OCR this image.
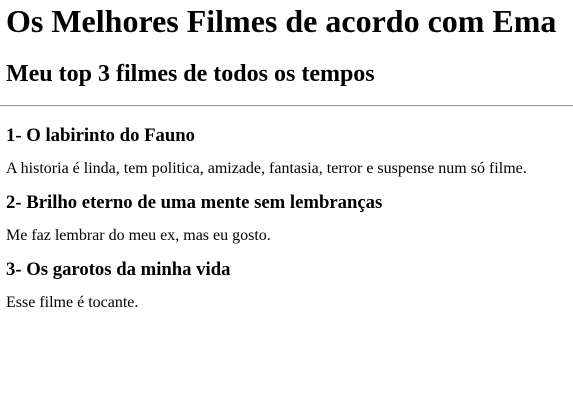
Os Melhores Filmes de acordo com Ema
Meu top 3 filmes de todos os tempos
1- O labirinto do Fauno

A historia é linda, tem politica, amizade, fantasia, terror e suspense num só filme.

2- Brilho eterno de uma mente sem lembranças

Me faz lembrar do meu ex, mas eu gosto.

3- Os garotos da minha vida

Esse filme é tocante.
